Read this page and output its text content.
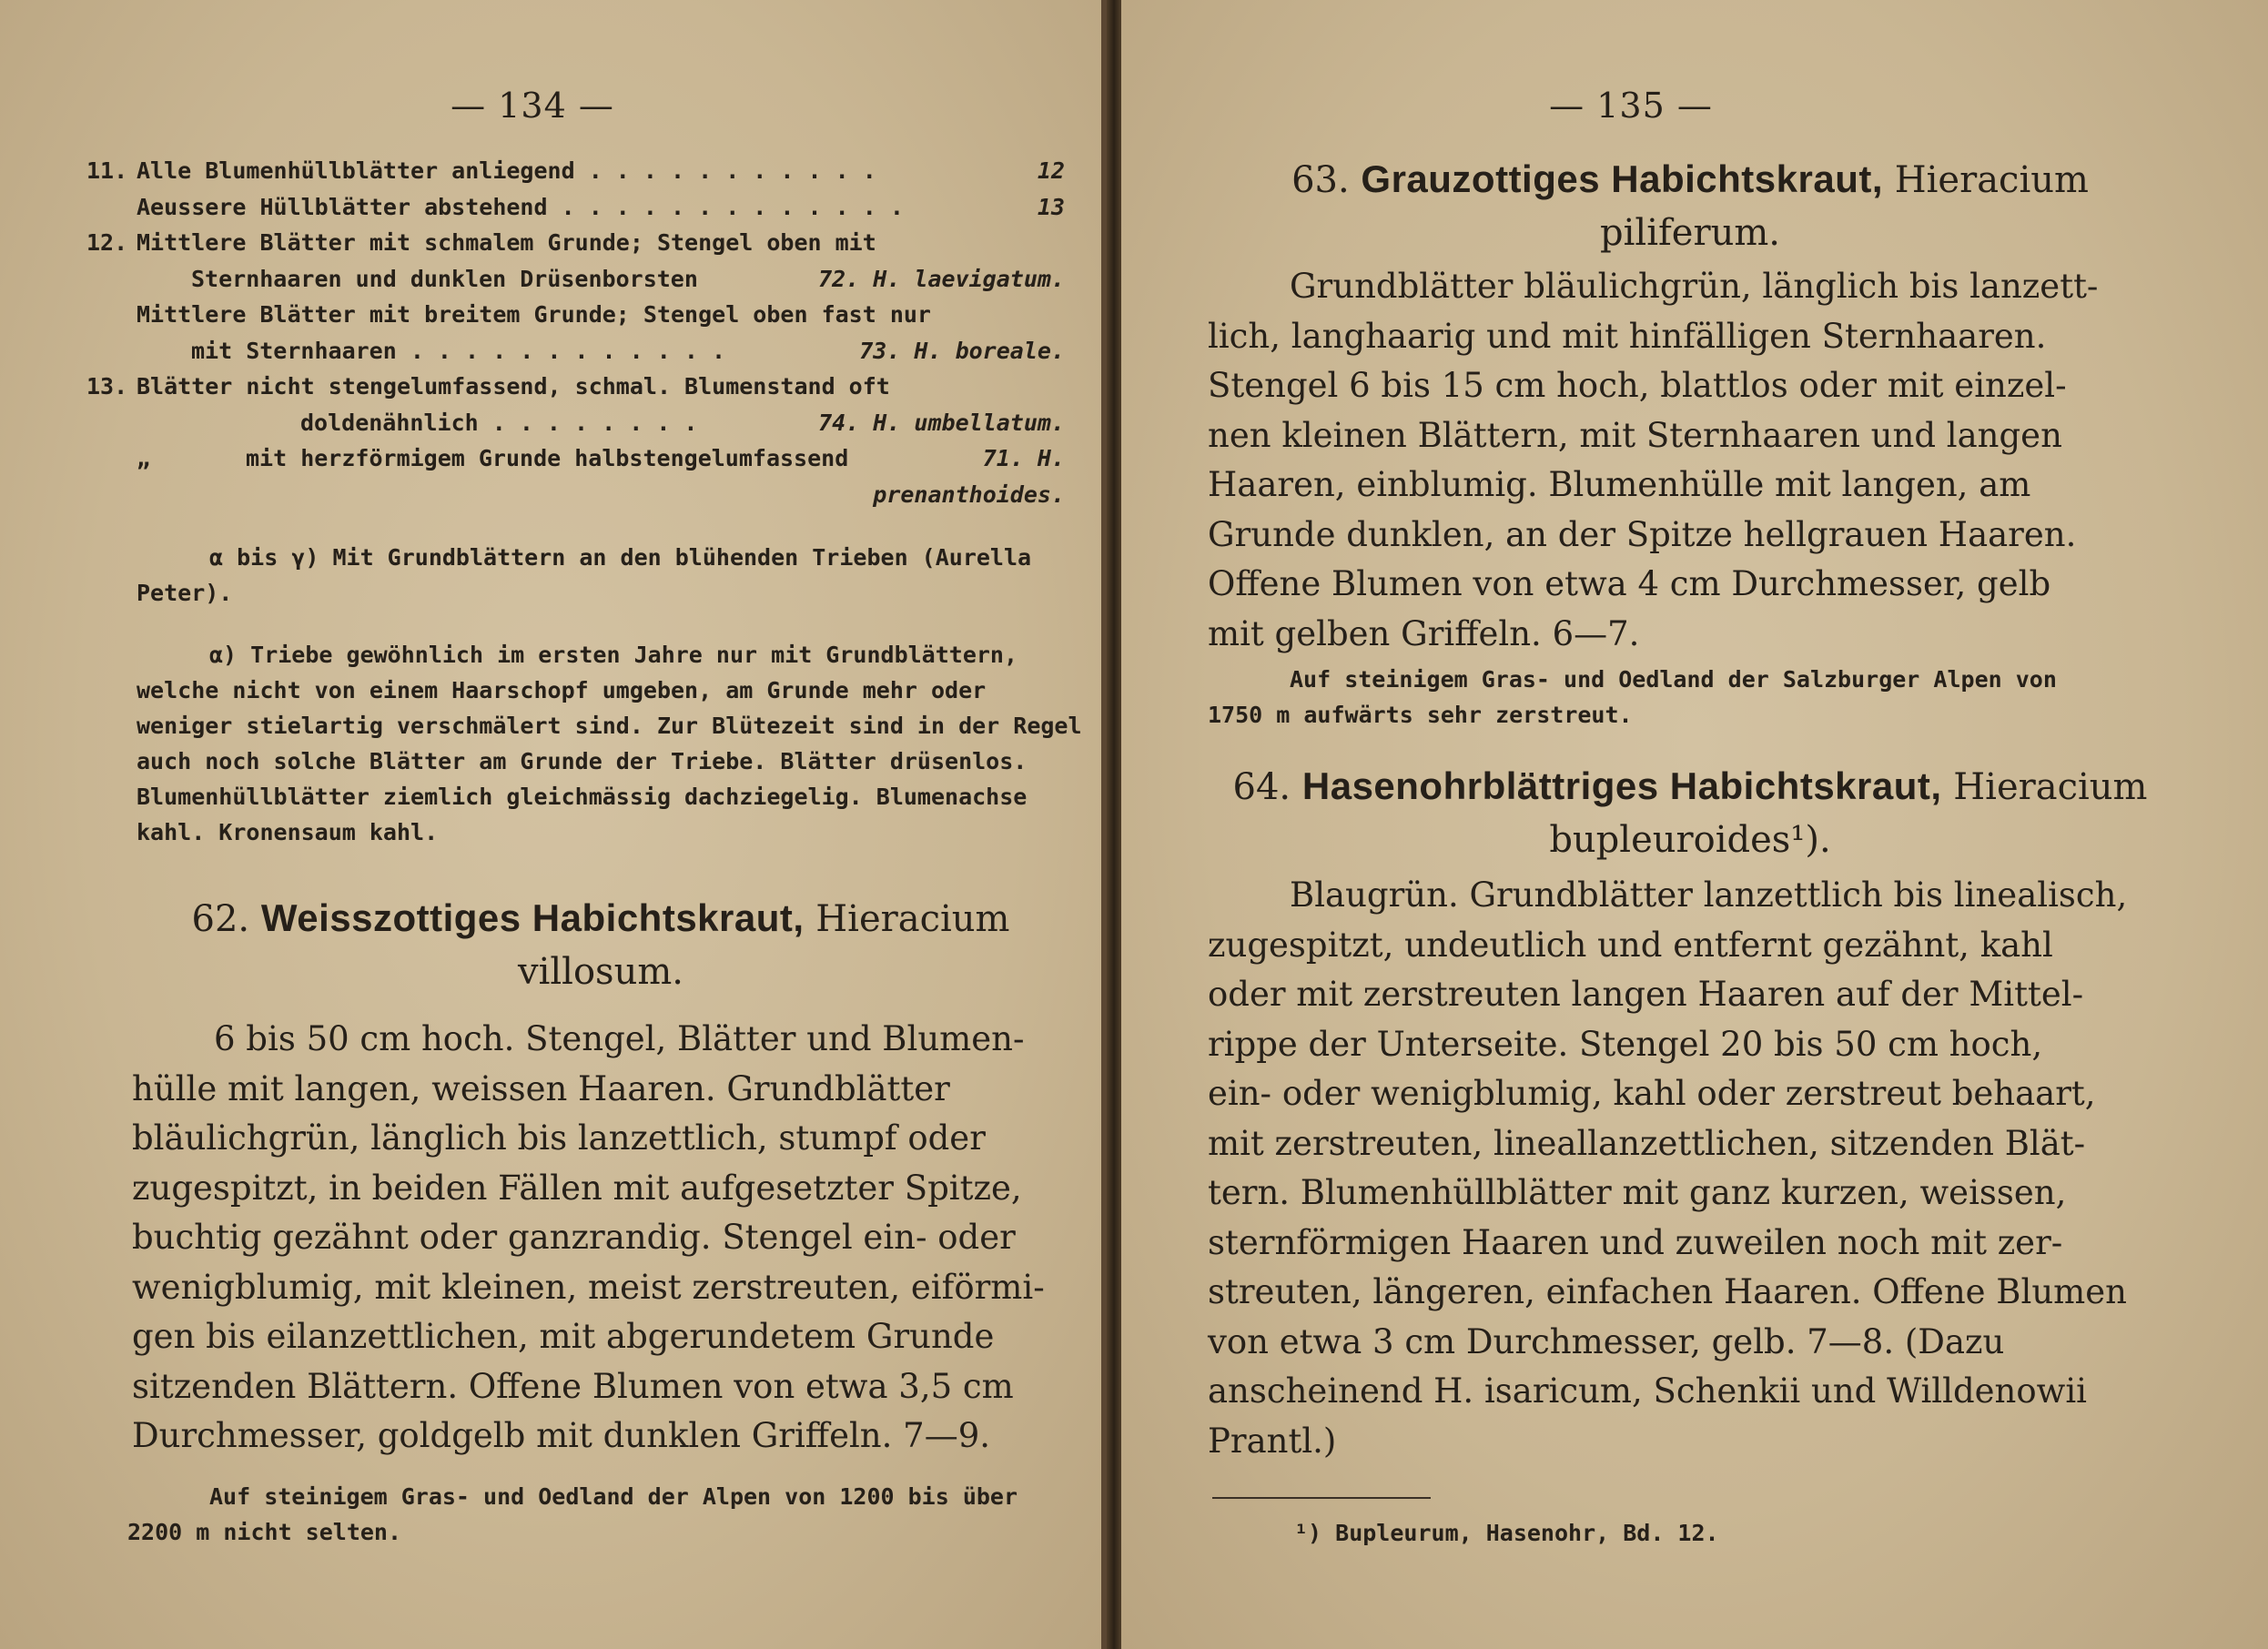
— 134 —
11. Alle Blumenhüllblätter anliegend . . . . . . . . . . .	12
Aeussere Hüllblätter abstehend . . . . . . . . . . . . .	13
12. Mittlere Blätter mit schmalem Grunde; Stengel oben mit
Sternhaaren und dunklen Drüsenborsten	72. H. laevigatum.
Mittlere Blätter mit breitem Grunde; Stengel oben fast nur
mit Sternhaaren . . . . . . . . . . . .	73. H. boreale.
13. Blätter nicht stengelumfassend, schmal. Blumenstand oft
doldenähnlich . . . . . . . .	74. H. umbellatum.
„	mit herzförmigem Grunde halbstengelumfassend	71. H.
prenanthoides.
α bis γ) Mit Grundblättern an den blühenden Trieben (Aurella
Peter).
α) Triebe gewöhnlich im ersten Jahre nur mit Grundblättern,
welche nicht von einem Haarschopf umgeben, am Grunde mehr oder
weniger stielartig verschmälert sind. Zur Blütezeit sind in der Regel
auch noch solche Blätter am Grunde der Triebe. Blätter drüsenlos.
Blumenhüllblätter ziemlich gleichmässig dachziegelig. Blumenachse
kahl. Kronensaum kahl.
62. Weisszottiges Habichtskraut, Hieracium
villosum.
6 bis 50 cm hoch. Stengel, Blätter und Blumen-
hülle mit langen, weissen Haaren. Grundblätter
bläulichgrün, länglich bis lanzettlich, stumpf oder
zugespitzt, in beiden Fällen mit aufgesetzter Spitze,
buchtig gezähnt oder ganzrandig. Stengel ein- oder
wenigblumig, mit kleinen, meist zerstreuten, eiförmi-
gen bis eilanzettlichen, mit abgerundetem Grunde
sitzenden Blättern. Offene Blumen von etwa 3,5 cm
Durchmesser, goldgelb mit dunklen Griffeln. 7—9.
Auf steinigem Gras- und Oedland der Alpen von 1200 bis über
2200 m nicht selten.
— 135 —
63. Grauzottiges Habichtskraut, Hieracium
piliferum.
Grundblätter bläulichgrün, länglich bis lanzett-
lich, langhaarig und mit hinfälligen Sternhaaren.
Stengel 6 bis 15 cm hoch, blattlos oder mit einzel-
nen kleinen Blättern, mit Sternhaaren und langen
Haaren, einblumig. Blumenhülle mit langen, am
Grunde dunklen, an der Spitze hellgrauen Haaren.
Offene Blumen von etwa 4 cm Durchmesser, gelb
mit gelben Griffeln. 6—7.
Auf steinigem Gras- und Oedland der Salzburger Alpen von
1750 m aufwärts sehr zerstreut.
64. Hasenohrblättriges Habichtskraut, Hieracium
bupleuroides¹).
Blaugrün. Grundblätter lanzettlich bis linealisch,
zugespitzt, undeutlich und entfernt gezähnt, kahl
oder mit zerstreuten langen Haaren auf der Mittel-
rippe der Unterseite. Stengel 20 bis 50 cm hoch,
ein- oder wenigblumig, kahl oder zerstreut behaart,
mit zerstreuten, lineallanzettlichen, sitzenden Blät-
tern. Blumenhüllblätter mit ganz kurzen, weissen,
sternförmigen Haaren und zuweilen noch mit zer-
streuten, längeren, einfachen Haaren. Offene Blumen
von etwa 3 cm Durchmesser, gelb. 7—8. (Dazu
anscheinend H. isaricum, Schenkii und Willdenowii
Prantl.)
¹) Bupleurum, Hasenohr, Bd. 12.
